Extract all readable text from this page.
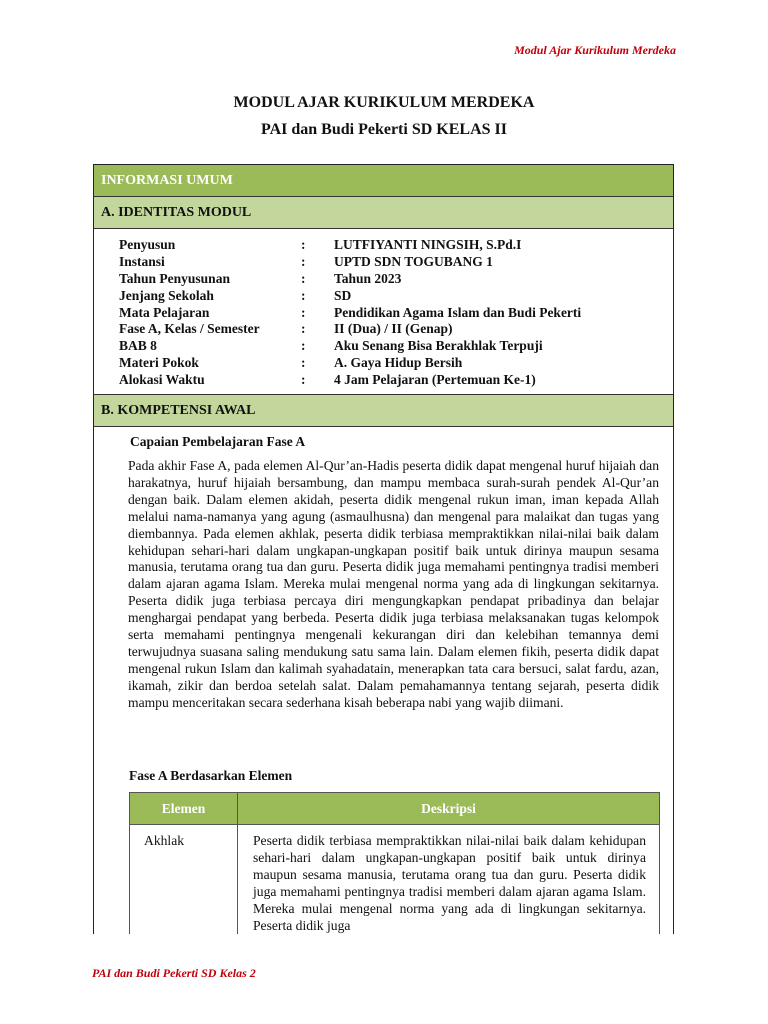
Modul Ajar Kurikulum Merdeka
MODUL AJAR KURIKULUM MERDEKA
PAI dan Budi Pekerti SD KELAS II
INFORMASI UMUM
A. IDENTITAS MODUL
Penyusun	:	LUTFIYANTI NINGSIH, S.Pd.I
Instansi	:	UPTD SDN TOGUBANG 1
Tahun Penyusunan	:	Tahun 2023
Jenjang Sekolah	:	SD
Mata Pelajaran	:	Pendidikan Agama Islam dan Budi Pekerti
Fase A, Kelas / Semester	:	II (Dua) / II (Genap)
BAB 8	:	Aku Senang Bisa Berakhlak Terpuji
Materi Pokok	:	A. Gaya Hidup Bersih
Alokasi Waktu	:	4 Jam Pelajaran (Pertemuan Ke-1)
B. KOMPETENSI AWAL
Capaian Pembelajaran Fase A
Pada akhir Fase A, pada elemen Al-Qur’an-Hadis peserta didik dapat mengenal huruf hijaiah dan harakatnya, huruf hijaiah bersambung, dan mampu membaca surah-surah pendek Al-Qur’an dengan baik. Dalam elemen akidah, peserta didik mengenal rukun iman, iman kepada Allah melalui nama-namanya yang agung (asmaulhusna) dan mengenal para malaikat dan tugas yang diembannya. Pada elemen akhlak, peserta didik terbiasa mempraktikkan nilai-nilai baik dalam kehidupan sehari-hari dalam ungkapan-ungkapan positif baik untuk dirinya maupun sesama manusia, terutama orang tua dan guru. Peserta didik juga memahami pentingnya tradisi memberi dalam ajaran agama Islam. Mereka mulai mengenal norma yang ada di lingkungan sekitarnya. Peserta didik juga terbiasa percaya diri mengungkapkan pendapat pribadinya dan belajar menghargai pendapat yang berbeda. Peserta didik juga terbiasa melaksanakan tugas kelompok serta memahami pentingnya mengenali kekurangan diri dan kelebihan temannya demi terwujudnya suasana saling mendukung satu sama lain. Dalam elemen fikih, peserta didik dapat mengenal rukun Islam dan kalimah syahadatain, menerapkan tata cara bersuci, salat fardu, azan, ikamah, zikir dan berdoa setelah salat. Dalam pemahamannya tentang sejarah, peserta didik mampu menceritakan secara sederhana kisah beberapa nabi yang wajib diimani.
Fase A Berdasarkan Elemen
Elemen	Deskripsi
Akhlak	Peserta didik terbiasa mempraktikkan nilai-nilai baik dalam kehidupan sehari-hari dalam ungkapan-ungkapan positif baik untuk dirinya maupun sesama manusia, terutama orang tua dan guru. Peserta didik juga memahami pentingnya tradisi memberi dalam ajaran agama Islam. Mereka mulai mengenal norma yang ada di lingkungan sekitarnya. Peserta didik juga
PAI dan Budi Pekerti SD Kelas 2
